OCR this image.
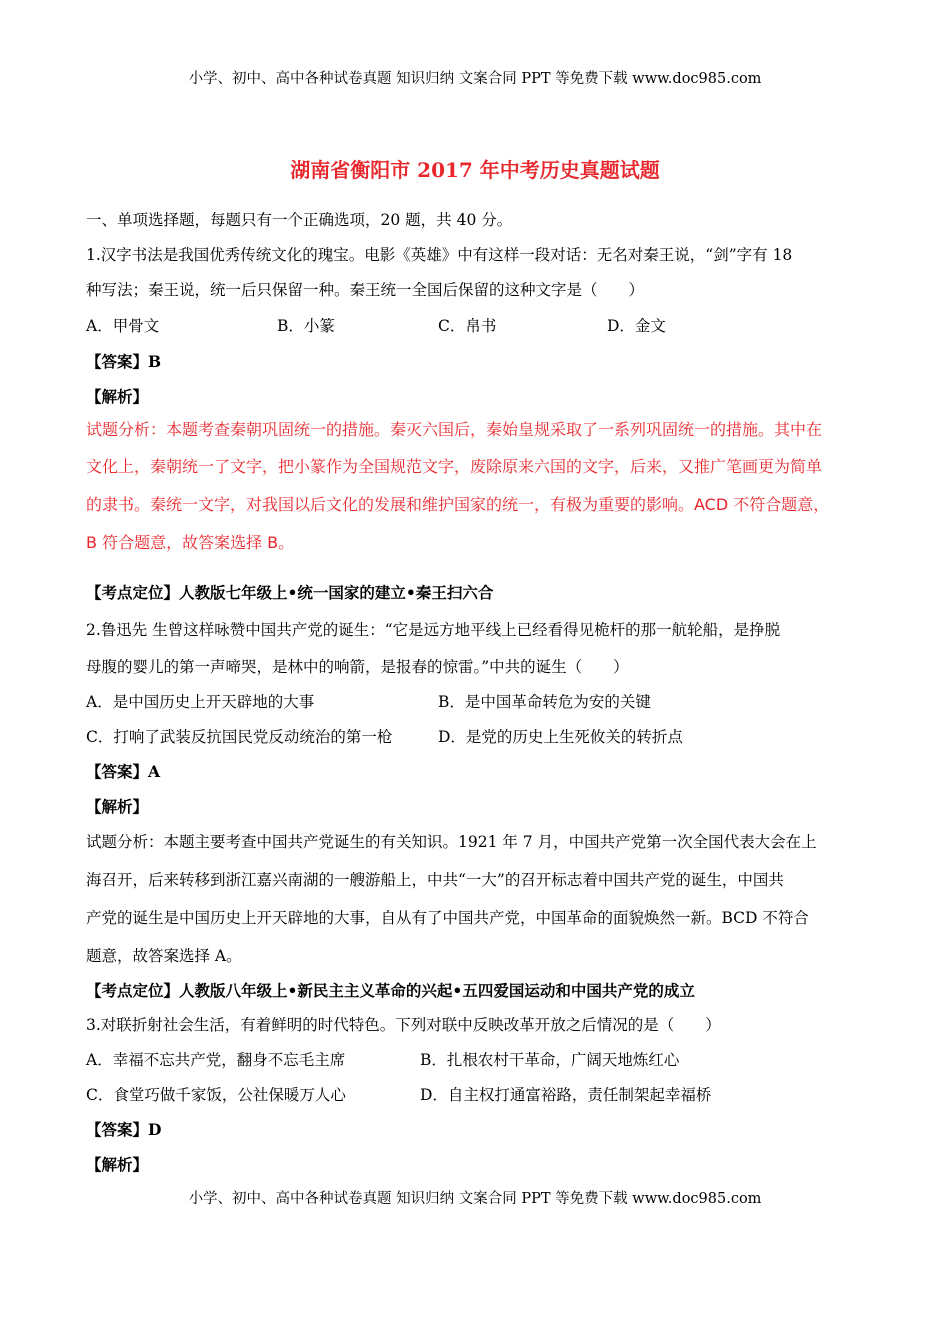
小学、初中、高中各种试卷真题 知识归纳 文案合同 PPT 等免费下载 www.doc985.com
湖南省衡阳市 2017 年中考历史真题试题
一、单项选择题，每题只有一个正确选项，20 题，共 40 分。
1.汉字书法是我国优秀传统文化的瑰宝。电影《英雄》中有这样一段对话：无名对秦王说，“剑”字有 18
种写法；秦王说，统一后只保留一种。秦王统一全国后保留的这种文字是（　　）
A．甲骨文	B．小篆	C．帛书	D．金文
【答案】B
【解析】
试题分析：本题考查秦朝巩固统一的措施。秦灭六国后，秦始皇规采取了一系列巩固统一的措施。其中在
文化上，秦朝统一了文字，把小篆作为全国规范文字，废除原来六国的文字，后来，又推广笔画更为简单
的隶书。秦统一文字，对我国以后文化的发展和维护国家的统一，有极为重要的影响。ACD 不符合题意，
B 符合题意，故答案选择 B。
【考点定位】人教版七年级上•统一国家的建立•秦王扫六合
2.鲁迅先 生曾这样咏赞中国共产党的诞生：“它是远方地平线上已经看得见桅杆的那一航轮船，是挣脱
母腹的婴儿的第一声啼哭，是林中的响箭，是报春的惊雷。”中共的诞生（　　）
A．是中国历史上开天辟地的大事	B．是中国革命转危为安的关键
C．打响了武装反抗国民党反动统治的第一枪	D．是党的历史上生死攸关的转折点
【答案】A
【解析】
试题分析：本题主要考查中国共产党诞生的有关知识。1921 年 7 月，中国共产党第一次全国代表大会在上
海召开，后来转移到浙江嘉兴南湖的一艘游船上，中共“一大”的召开标志着中国共产党的诞生，中国共
产党的诞生是中国历史上开天辟地的大事，自从有了中国共产党，中国革命的面貌焕然一新。BCD 不符合
题意，故答案选择 A。
【考点定位】人教版八年级上•新民主主义革命的兴起•五四爱国运动和中国共产党的成立
3.对联折射社会生活，有着鲜明的时代特色。下列对联中反映改革开放之后情况的是（　　）
A．幸福不忘共产党，翻身不忘毛主席	B．扎根农村干革命，广阔天地炼红心
C．食堂巧做千家饭，公社保暖万人心	D．自主权打通富裕路，责任制架起幸福桥
【答案】D
【解析】
小学、初中、高中各种试卷真题 知识归纳 文案合同 PPT 等免费下载 www.doc985.com
